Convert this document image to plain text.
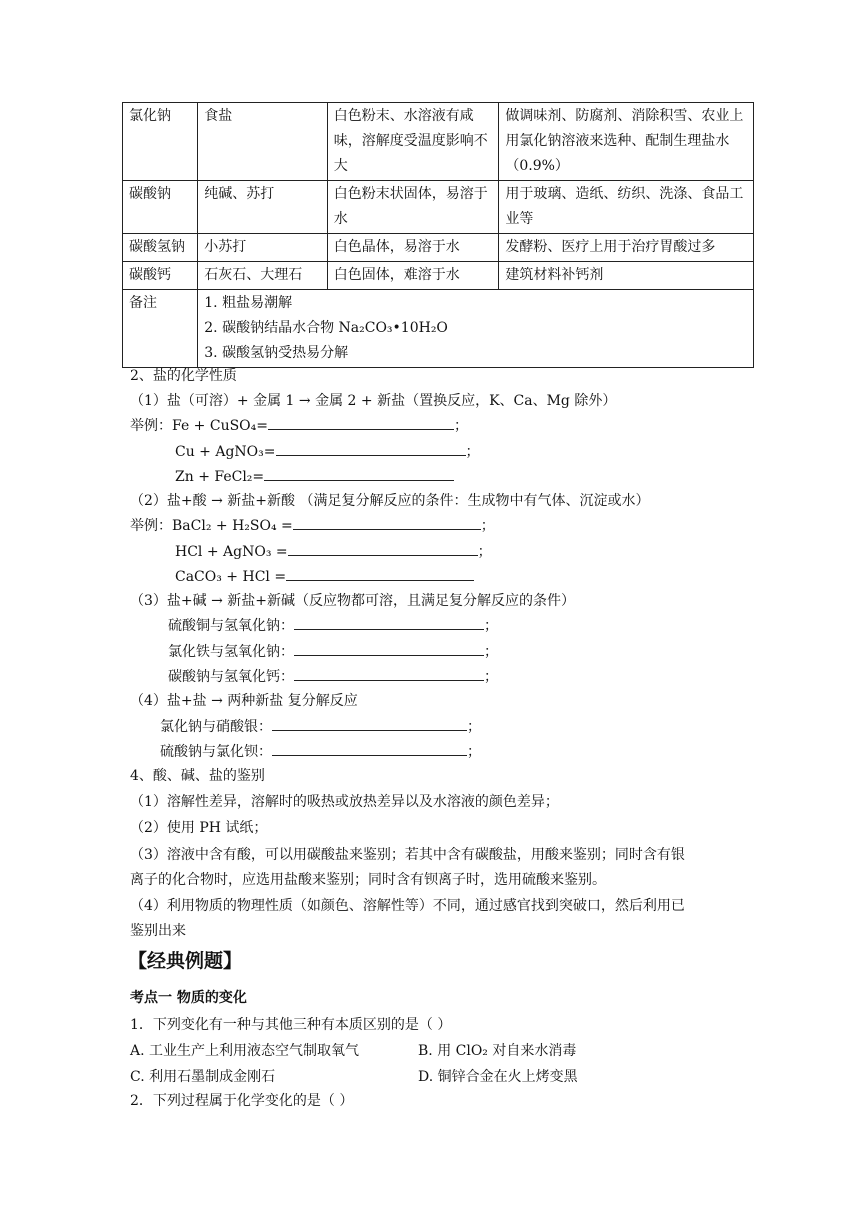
氯化钠	食盐	白色粉末、水溶液有咸味，溶解度受温度影响不大	做调味剂、防腐剂、消除积雪、农业上用氯化钠溶液来选种、配制生理盐水（0.9%）
碳酸钠	纯碱、苏打	白色粉末状固体，易溶于水	用于玻璃、造纸、纺织、洗涤、食品工业等
碳酸氢钠	小苏打	白色晶体，易溶于水	发酵粉、医疗上用于治疗胃酸过多
碳酸钙	石灰石、大理石	白色固体，难溶于水	建筑材料补钙剂
备注	1. 粗盐易潮解
2. 碳酸钠结晶水合物 Na₂CO₃•10H₂O
3. 碳酸氢钠受热易分解		
2、盐的化学性质
（1）盐（可溶）+ 金属 1 → 金属 2 + 新盐（置换反应，K、Ca、Mg 除外）
举例：Fe + CuSO₄=	；
Cu + AgNO₃=	；
Zn + FeCl₂=
（2）盐+酸 → 新盐+新酸 （满足复分解反应的条件：生成物中有气体、沉淀或水）
举例：BaCl₂ + H₂SO₄ =	；
HCl + AgNO₃ =	；
CaCO₃ + HCl =
（3）盐+碱 → 新盐+新碱（反应物都可溶，且满足复分解反应的条件）
硫酸铜与氢氧化钠：	；
氯化铁与氢氧化钠：	；
碳酸钠与氢氧化钙：	；
（4）盐+盐 → 两种新盐 复分解反应
氯化钠与硝酸银：	；
硫酸钠与氯化钡：	；
4、酸、碱、盐的鉴别
（1）溶解性差异，溶解时的吸热或放热差异以及水溶液的颜色差异；
（2）使用 PH 试纸；
（3）溶液中含有酸，可以用碳酸盐来鉴别；若其中含有碳酸盐，用酸来鉴别；同时含有银
离子的化合物时，应选用盐酸来鉴别；同时含有钡离子时，选用硫酸来鉴别。
（4）利用物质的物理性质（如颜色、溶解性等）不同，通过感官找到突破口，然后利用已
鉴别出来
【经典例题】
考点一 物质的变化
1．下列变化有一种与其他三种有本质区别的是（ ）
A. 工业生产上利用液态空气制取氧气	B. 用 ClO₂ 对自来水消毒
C. 利用石墨制成金刚石	D. 铜锌合金在火上烤变黑
2．下列过程属于化学变化的是（ ）
